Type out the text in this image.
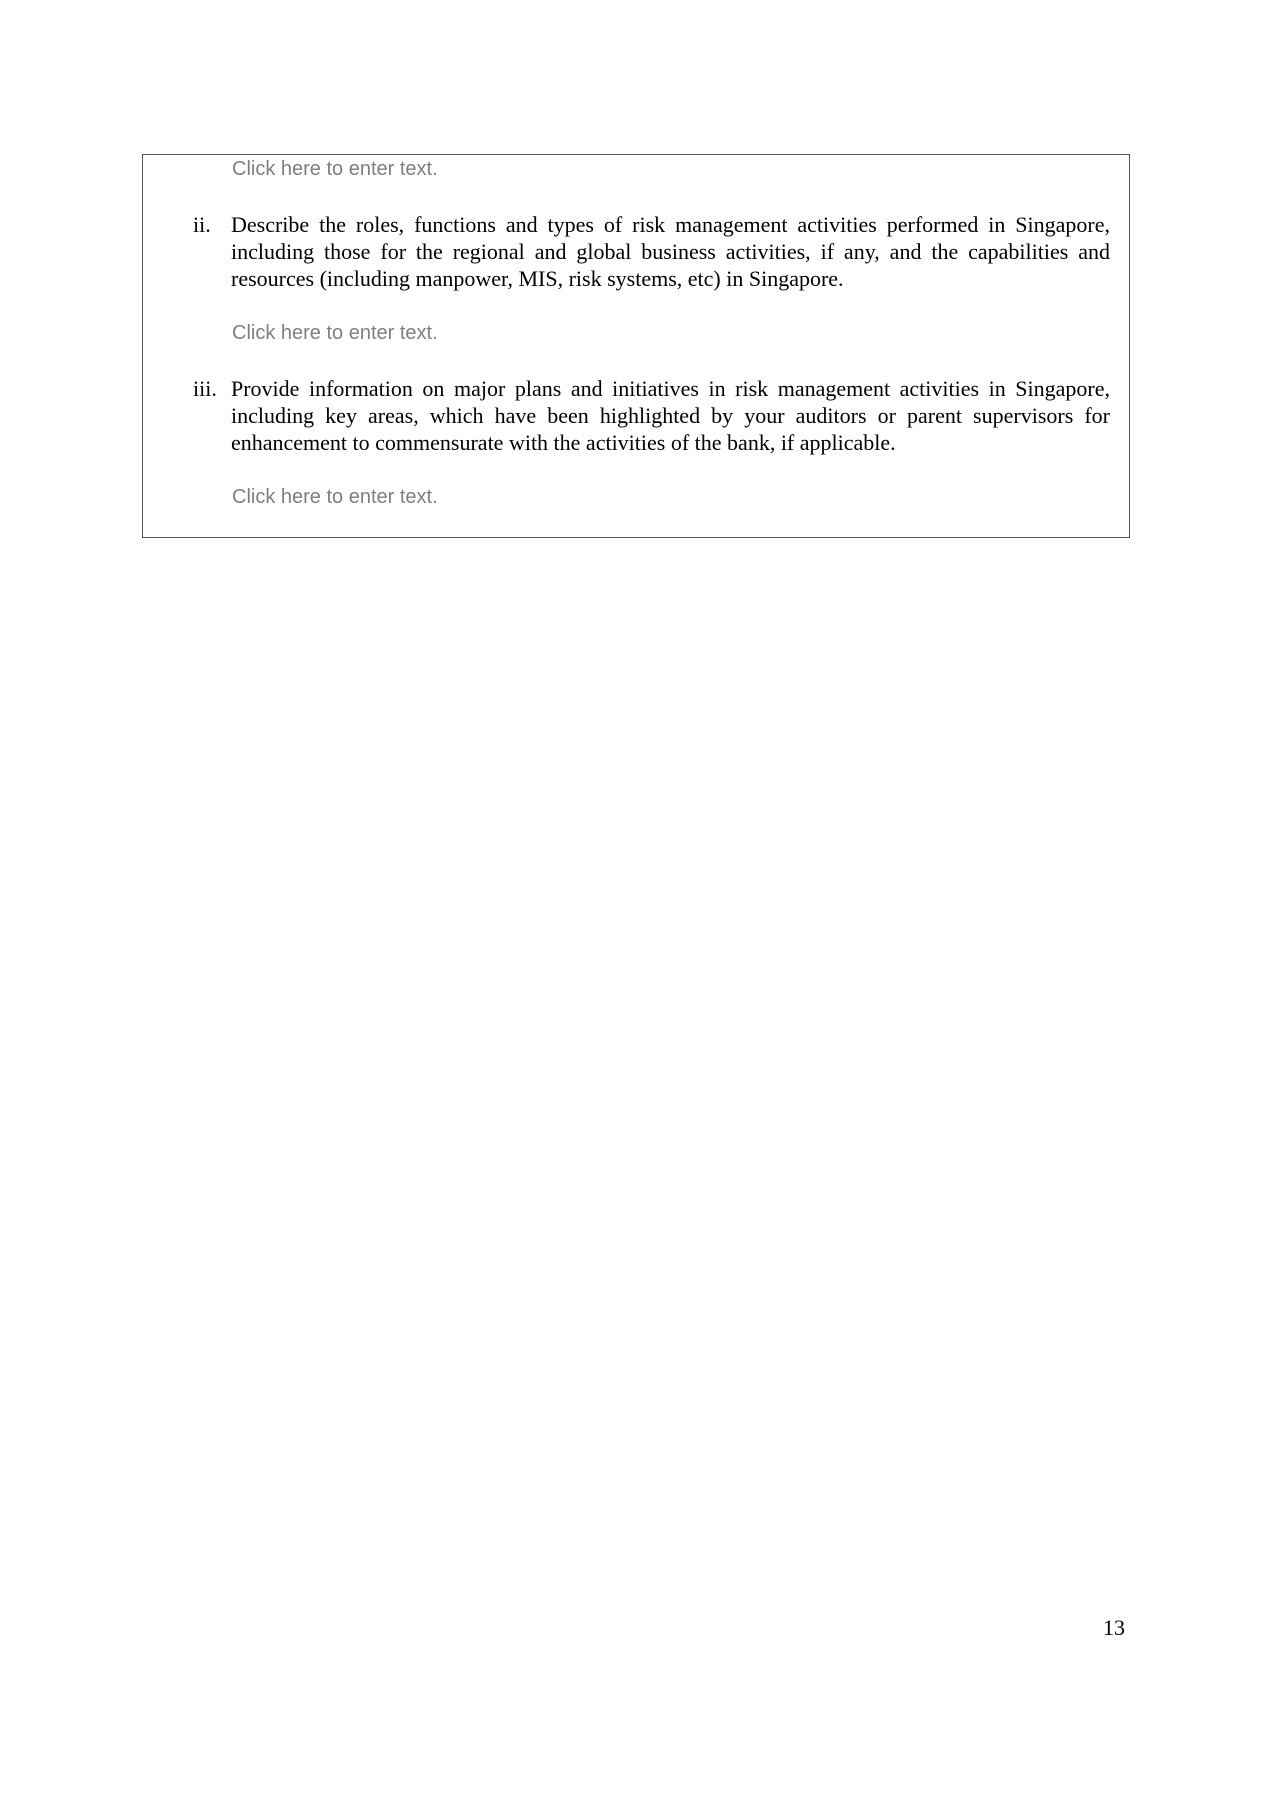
Click here to enter text.
ii. Describe the roles, functions and types of risk management activities performed in Singapore, including those for the regional and global business activities, if any, and the capabilities and resources (including manpower, MIS, risk systems, etc) in Singapore.
Click here to enter text.
iii. Provide information on major plans and initiatives in risk management activities in Singapore, including key areas, which have been highlighted by your auditors or parent supervisors for enhancement to commensurate with the activities of the bank, if applicable.
Click here to enter text.
13
